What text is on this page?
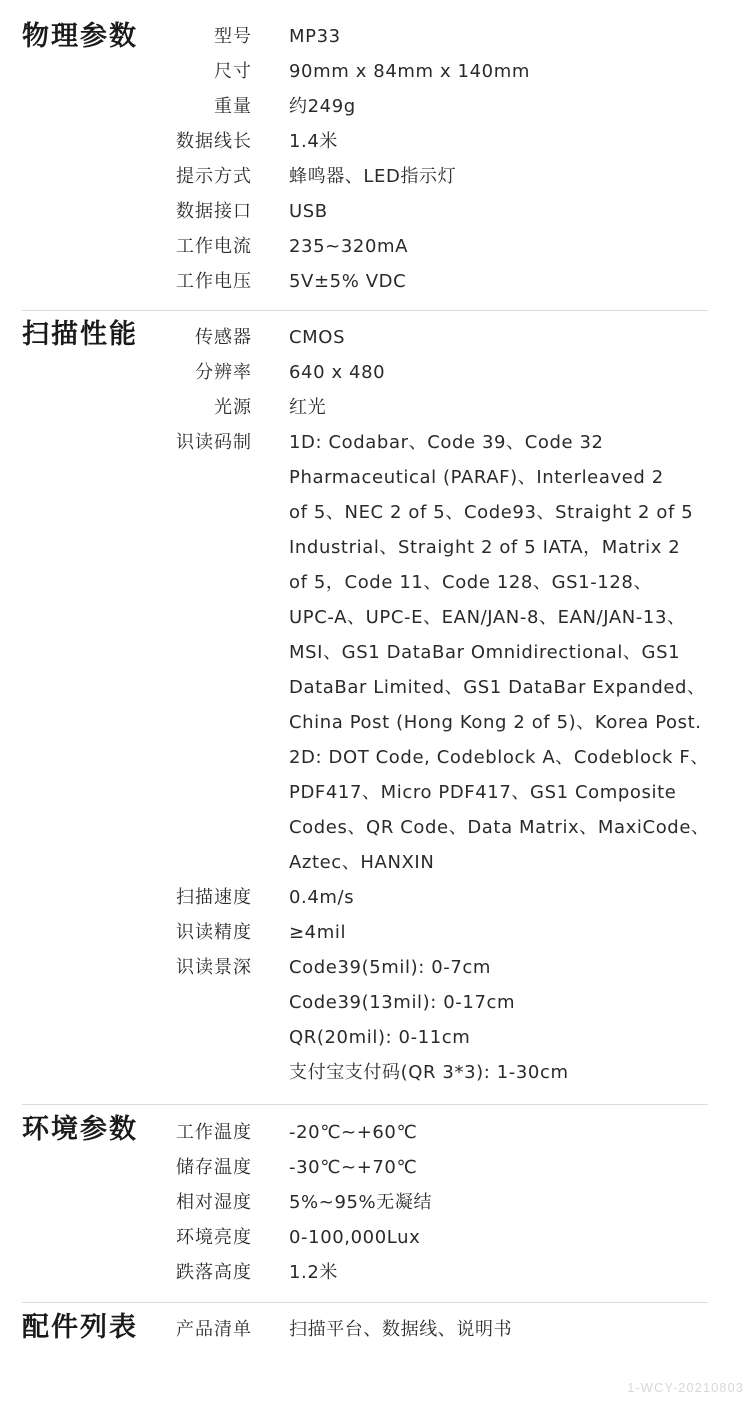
物理参数	型号 MP33
尺寸 90mm x 84mm x 140mm
重量 约249g
数据线长 1.4米
提示方式 蜂鸣器、LED指示灯
数据接口 USB
工作电流 235~320mA
工作电压 5V±5% VDC
扫描性能	传感器 CMOS
分辨率 640 x 480
光源 红光
识读码制 1D: Codabar、Code 39、Code 32
Pharmaceutical (PARAF)、Interleaved 2
of 5、NEC 2 of 5、Code93、Straight 2 of 5
Industrial、Straight 2 of 5 IATA，Matrix 2
of 5，Code 11、Code 128、GS1-128、
UPC-A、UPC-E、EAN/JAN-8、EAN/JAN-13、
MSI、GS1 DataBar Omnidirectional、GS1
DataBar Limited、GS1 DataBar Expanded、
China Post (Hong Kong 2 of 5)、Korea Post.
2D: DOT Code, Codeblock A、Codeblock F、
PDF417、Micro PDF417、GS1 Composite
Codes、QR Code、Data Matrix、MaxiCode、
Aztec、HANXIN
扫描速度 0.4m/s
识读精度 ≥4mil
识读景深 Code39(5mil): 0-7cm
Code39(13mil): 0-17cm
QR(20mil): 0-11cm
支付宝支付码(QR 3*3): 1-30cm
环境参数 工作温度 -20℃~+60℃
储存温度 -30℃~+70℃
相对湿度 5%~95%无凝结
环境亮度 0-100,000Lux
跌落高度 1.2米
配件列表 产品清单 扫描平台、数据线、说明书
1-WCY-20210803
